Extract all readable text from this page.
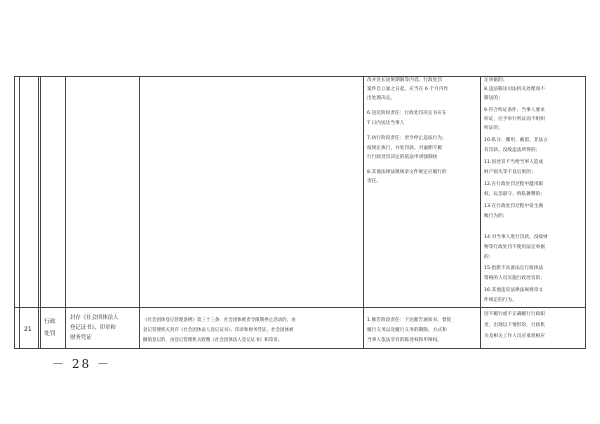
改并处长途班期限等内容。行政处罚
案件自立案之日起，应当在 6 个月内作
出处理决定。
6.送达阶段责任：行政处罚决定书应在
7 日内送达当事人
7.执行阶段责任：责令停止违法行为，
按规定执行，并处罚款。对逾期不履
行行政处罚决定的依法申请强制执
8.其他法律法规规章文件规定应履行的
责任。
定单据的；
8.违法移送司法机关处理而不
移送的；
9.符合听证条件、当事人要求
听证，应予举行听证而不组织
听证的；
10.私分、挪用、截留、非法占
有罚款、没收违法所得的；
11.因处罚不当给当事人造成
财产损失等不良后果的；
12.在行政处罚过程中滥用职
权、玩忽职守、徇私舞弊的；
13.在行政处罚过程中发生腐
败行为的；
14.对当事人进行罚款、没收财
物等行政处罚不使用法定单据
的；
15.指派不具备法定行政执法
资格的人员实施行政处罚的；
16.其他违反法律法规规章文
件规定的行为。
21
行政
处罚
封存《社会团体法人
登记证书》、印章和
财务凭证
《社会团体登记管理条例》第三十三条：社会团体被责令限期停止活动的，由
登记管理机关封存《社会团体法人登记证书》、印章和财务凭证。社会团体被
撤销登记的，由登记管理机关收缴《社会团体法人登记证书》和印章。
1.催告阶段责任：下达催告通知书，督促
履行义务以及履行义务的期限、方式和
当事人依法享有的陈述权和申辩权。
因不履行或不正确履行行政职
责，出现以下情形的，行政机
关及相关工作人员应承担相应
－ 28 －
